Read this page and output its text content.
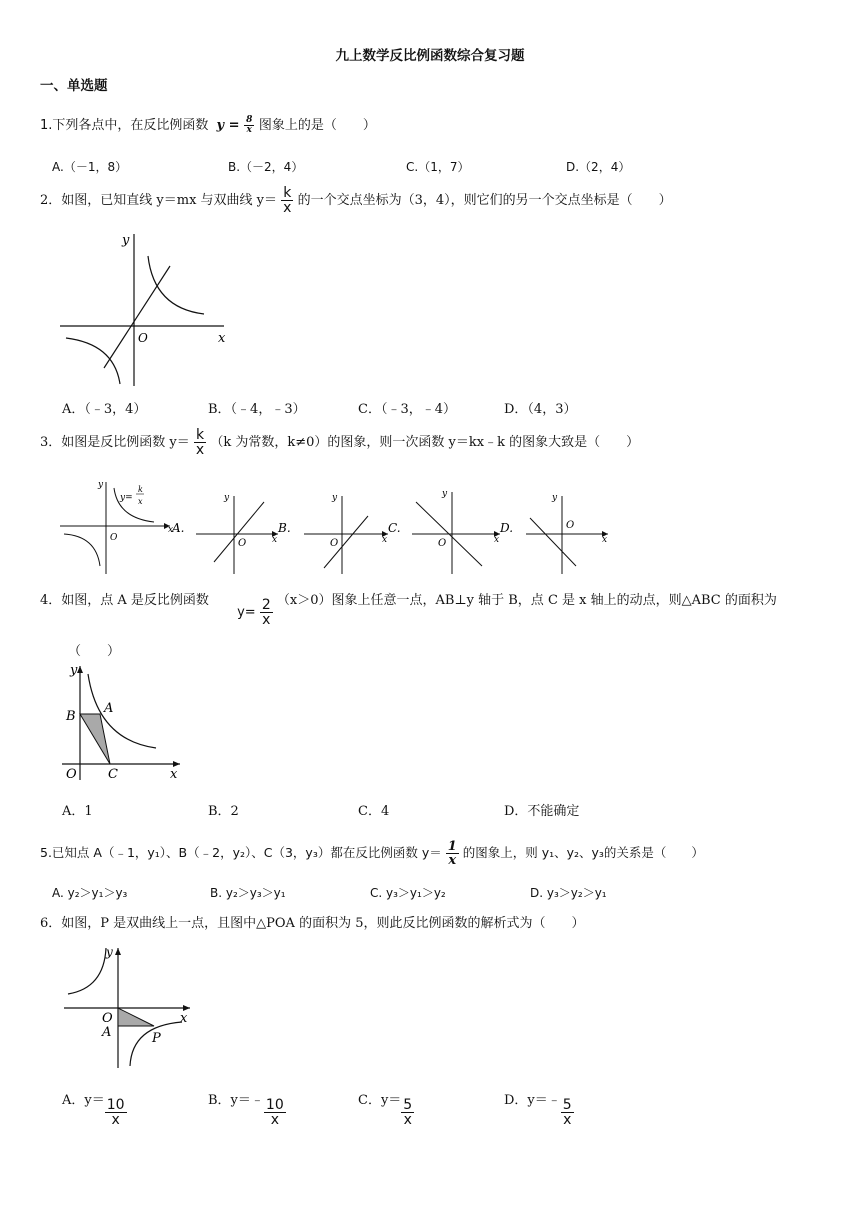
九上数学反比例函数综合复习题
一、单选题
1.下列各点中，在反比例函数 $y = \frac{8}{x}$ 图象上的是（　　）
A.（－1，8）	B.（－2，4）	C.（1，7）	D.（2，4）
2．如图，已知直线 y＝mx 与双曲线 $y= \frac{k}{x}$ 的一个交点坐标为（3，4），则它们的另一个交点坐标是（　　）
y
x
O
A．（﹣3，4）	B．（﹣4，﹣3）	C．（﹣3，﹣4）	D．（4，3）
3．如图是反比例函数 $y= \frac{k}{x} (k$ 为常数，k≠0）的图象，则一次函数 y＝kx﹣k 的图象大致是（　　）
y
x
O
y=
k
x
A.
y
x
O
B.
y
x
O
C.
y
x
O
D.
y
x
O
4．如图，点 A 是反比例函数 $y= \frac{2}{x} (x>0)$图象上任意一点，AB⊥y 轴于 B，点 C 是 x 轴上的动点，则△ABC 的面积为
（　　）
y
x
O
A
B
C
A．1	B．2	C．4	D．不能确定
5.已知点 A（﹣1，y₁）、B（﹣2，y₂）、C（3，y₃）都在反比例函数 $y= \frac{1}{x}$ 的图象上，则 y₁、y₂、y₃的关系是（　　）
A. y₂＞y₁＞y₃	B. y₂＞y₃＞y₁	C. y₃＞y₁＞y₂	D. y₃＞y₂＞y₁
6．如图，P 是双曲线上一点，且图中△POA 的面积为 5，则此反比例函数的解析式为（　　）
y
x
O
A	P
A．$y= \frac{10}{x}$	B．y＝﹣ $\frac{10}{x}$	C．$y= \frac{5}{x}$	D．y＝﹣ $\frac{5}{x}$
